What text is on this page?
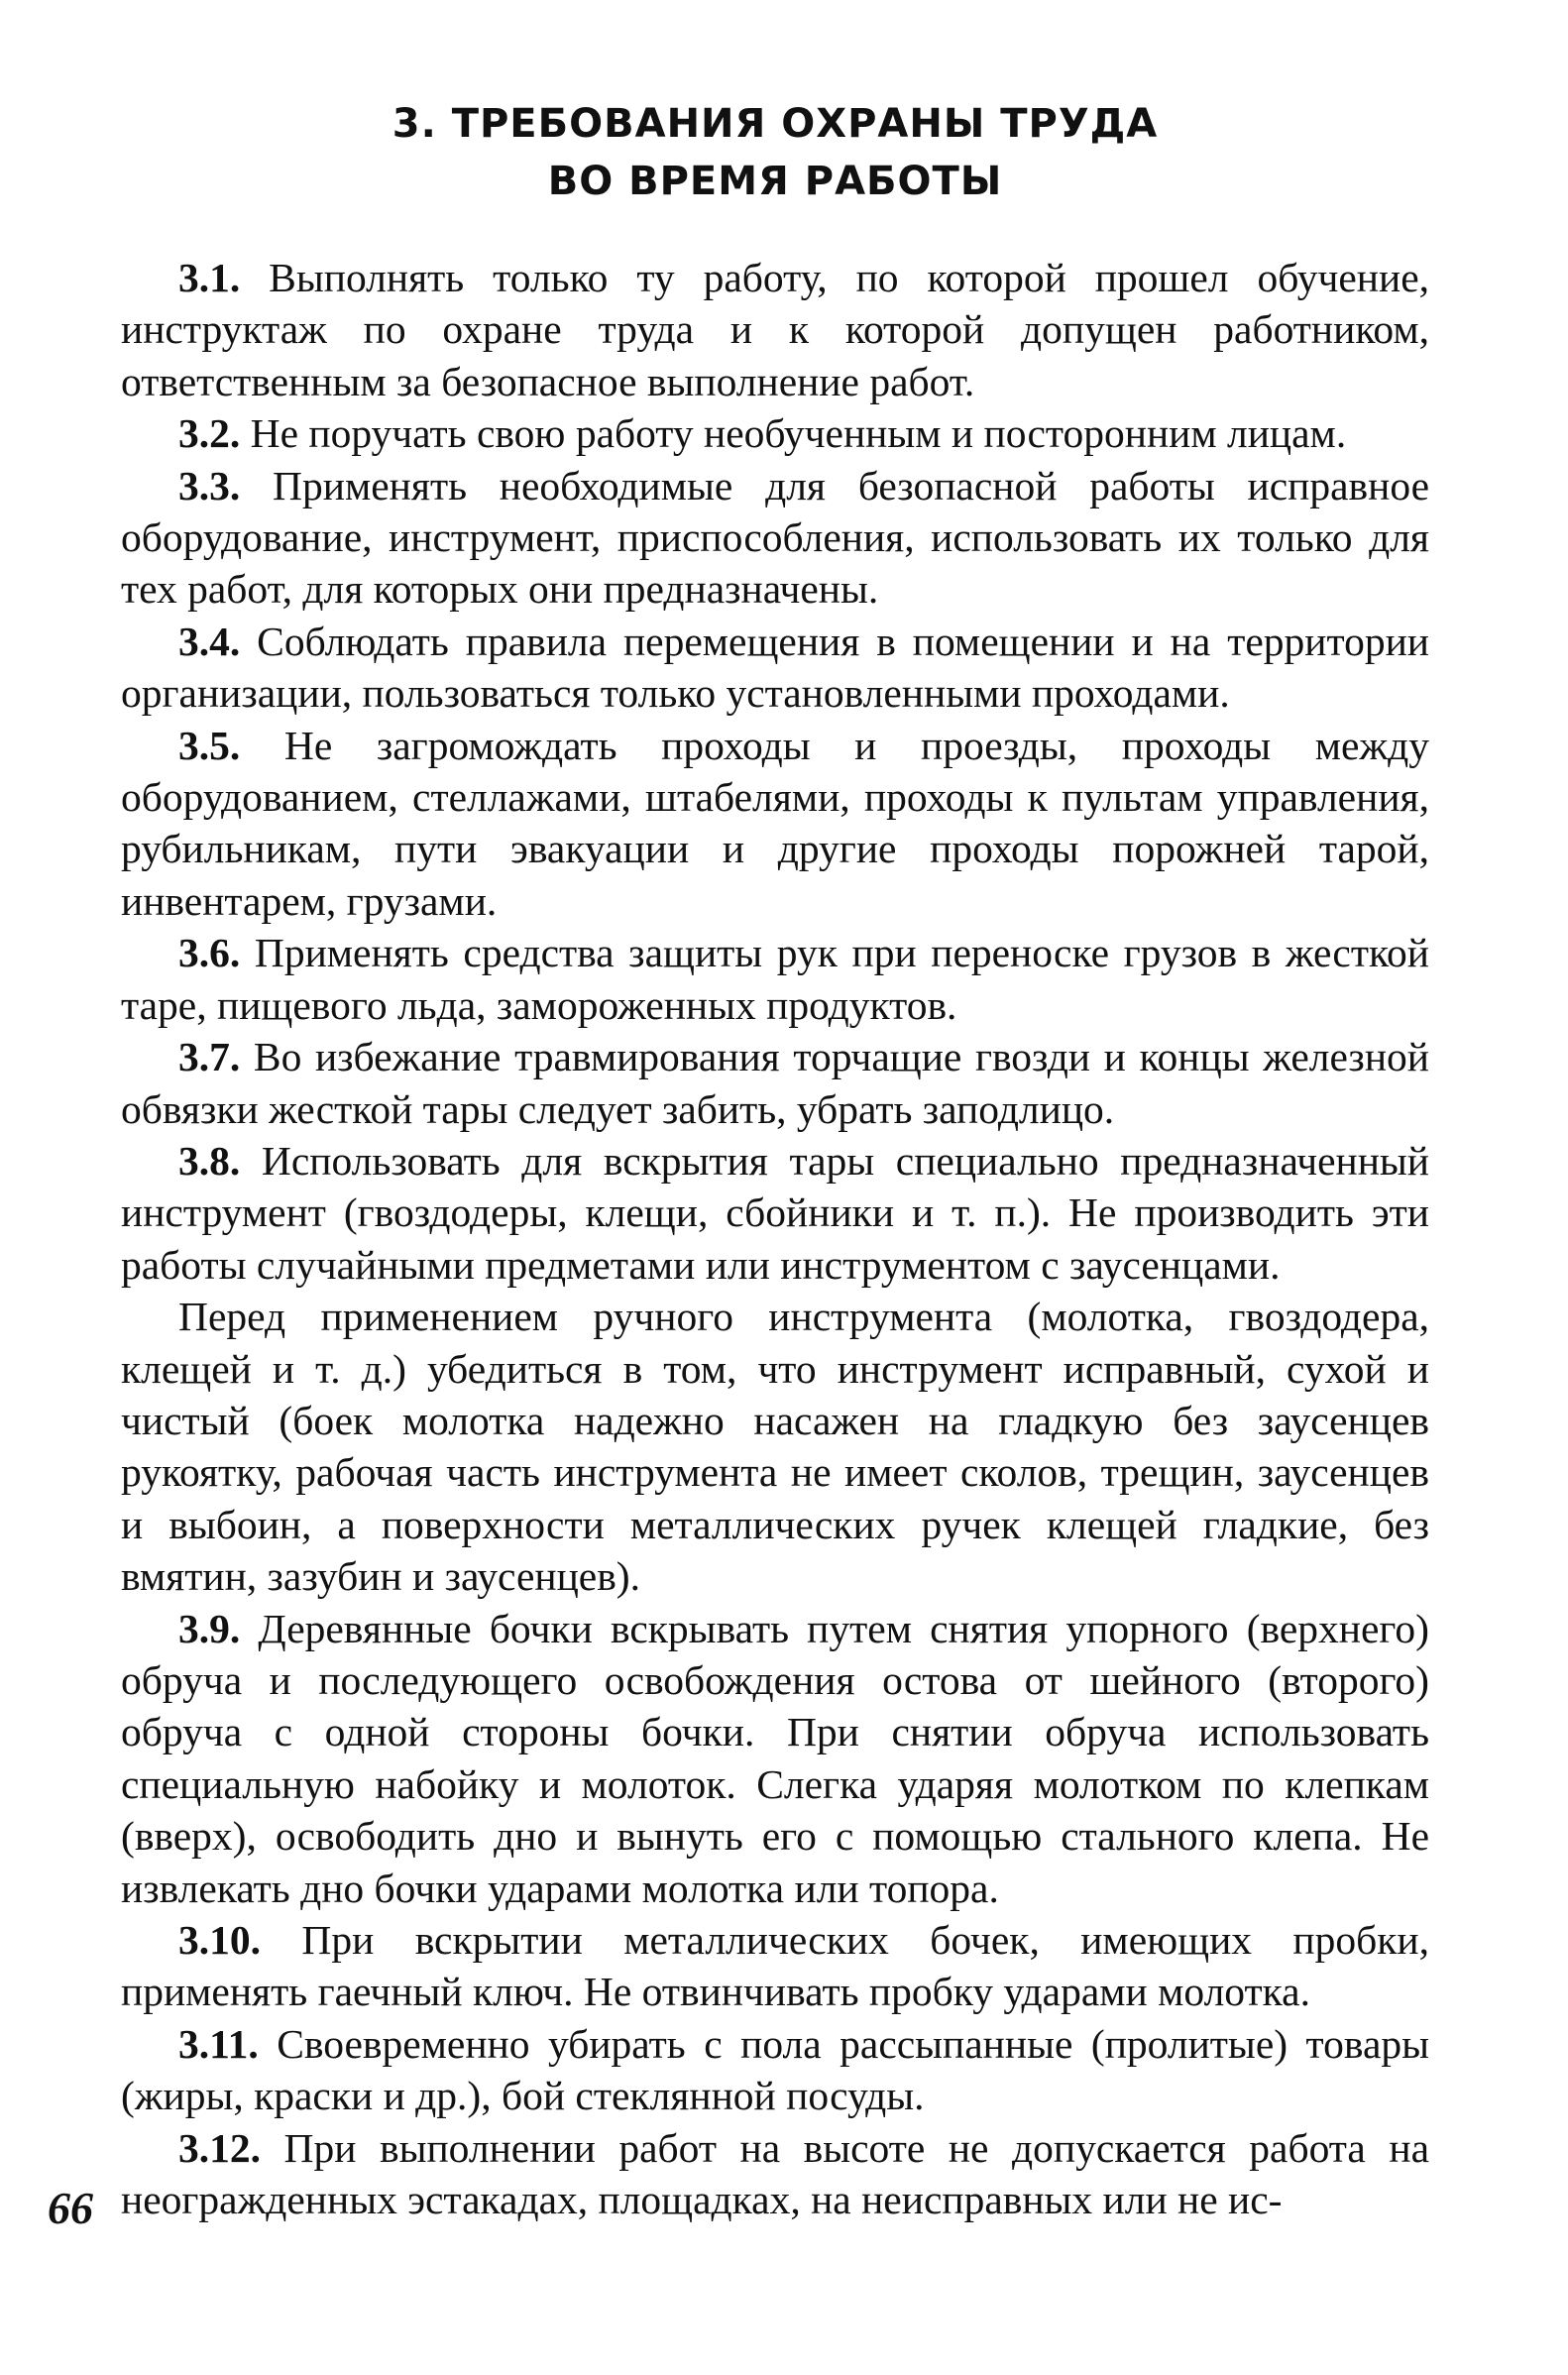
3. ТРЕБОВАНИЯ ОХРАНЫ ТРУДА
ВО ВРЕМЯ РАБОТЫ

3.1. Выполнять только ту работу, по которой прошел обучение, инструктаж по охране труда и к которой допущен работником, ответственным за безопасное выполнение работ.

3.2. Не поручать свою работу необученным и посторонним лицам.

3.3. Применять необходимые для безопасной работы исправное оборудование, инструмент, приспособления, использовать их только для тех работ, для которых они предназначены.

3.4. Соблюдать правила перемещения в помещении и на территории организации, пользоваться только установленными проходами.

3.5. Не загромождать проходы и проезды, проходы между оборудованием, стеллажами, штабелями, проходы к пультам управления, рубильникам, пути эвакуации и другие проходы порожней тарой, инвентарем, грузами.

3.6. Применять средства защиты рук при переноске грузов в жесткой таре, пищевого льда, замороженных продуктов.

3.7. Во избежание травмирования торчащие гвозди и концы железной обвязки жесткой тары следует забить, убрать заподлицо.

3.8. Использовать для вскрытия тары специально предназначенный инструмент (гвоздодеры, клещи, сбойники и т. п.). Не производить эти работы случайными предметами или инструментом с заусенцами.

Перед применением ручного инструмента (молотка, гвоздодера, клещей и т. д.) убедиться в том, что инструмент исправный, сухой и чистый (боек молотка надежно насажен на гладкую без заусенцев рукоятку, рабочая часть инструмента не имеет сколов, трещин, заусенцев и выбоин, а поверхности металлических ручек клещей гладкие, без вмятин, зазубин и заусенцев).

3.9. Деревянные бочки вскрывать путем снятия упорного (верхнего) обруча и последующего освобождения остова от шейного (второго) обруча с одной стороны бочки. При снятии обруча использовать специальную набойку и молоток. Слегка ударяя молотком по клепкам (вверх), освободить дно и вынуть его с помощью стального клепа. Не извлекать дно бочки ударами молотка или топора.

3.10. При вскрытии металлических бочек, имеющих пробки, применять гаечный ключ. Не отвинчивать пробку ударами молотка.

3.11. Своевременно убирать с пола рассыпанные (пролитые) товары (жиры, краски и др.), бой стеклянной посуды.

3.12. При выполнении работ на высоте не допускается работа на неогражденных эстакадах, площадках, на неисправных или не ис-

66
